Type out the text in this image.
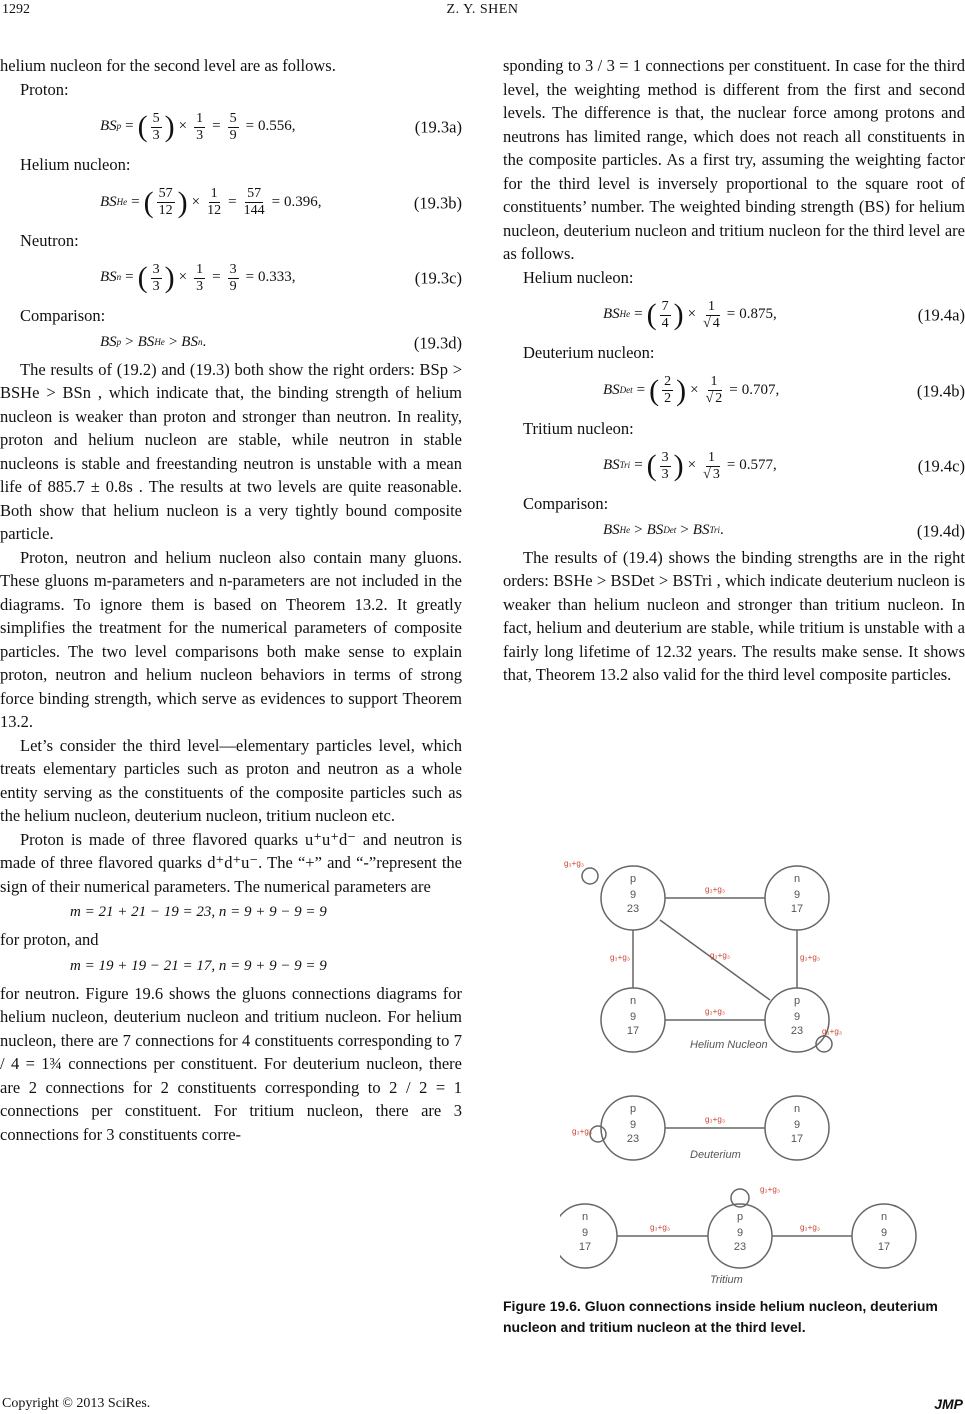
1292	Z. Y. SHEN

helium nucleon for the second level are as follows.

Proton:

BS p = ( $\frac{5}{3}$ ) × $\frac{1}{3} = \frac{5}{9} = 0.556$ ,	(19.3a)

Helium nucleon:

BS He = ( $\frac{57}{12}$ ) × $\frac{1}{12} = \frac{57}{144} = 0.396$ ,	(19.3b)

Neutron:

BS n = ( $\frac{3}{3}$ ) × $\frac{1}{3} = \frac{3}{9} = 0.333$ ,	(19.3c)

Comparison:

BS p > BS He > BS n .	(19.3d)

The results of (19.2) and (19.3) both show the right orders: BSp > BSHe > BSn , which indicate that, the binding strength of helium nucleon is weaker than proton and stronger than neutron. In reality, proton and helium nucleon are stable, while neutron in stable nucleons is stable and freestanding neutron is unstable with a mean life of 885.7 ± 0.8s . The results at two levels are quite reasonable. Both show that helium nucleon is a very tightly bound composite particle.

Proton, neutron and helium nucleon also contain many gluons. These gluons m-parameters and n-parameters are not included in the diagrams. To ignore them is based on Theorem 13.2. It greatly simplifies the treatment for the numerical parameters of composite particles. The two level comparisons both make sense to explain proton, neutron and helium nucleon behaviors in terms of strong force binding strength, which serve as evidences to support Theorem 13.2.

Let’s consider the third level—elementary particles level, which treats elementary particles such as proton and neutron as a whole entity serving as the constituents of the composite particles such as the helium nucleon, deuterium nucleon, tritium nucleon etc.

Proton is made of three flavored quarks u⁺u⁺d⁻ and neutron is made of three flavored quarks d⁺d⁺u⁻. The “+” and “-”represent the sign of their numerical parameters. The numerical parameters are

m = 21 + 21 − 19 = 23, n = 9 + 9 − 9 = 9

for proton, and

m = 19 + 19 − 21 = 17, n = 9 + 9 − 9 = 9

for neutron. Figure 19.6 shows the gluons connections diagrams for helium nucleon, deuterium nucleon and tritium nucleon. For helium nucleon, there are 7 connections for 4 constituents corresponding to 7 / 4 = 1¾ connections per constituent. For deuterium nucleon, there are 2 connections for 2 constituents corresponding to 2 / 2 = 1 connections per constituent. For tritium nucleon, there are 3 connections for 3 constituents corre-

sponding to 3 / 3 = 1 connections per constituent. In case for the third level, the weighting method is different from the first and second levels. The difference is that, the nuclear force among protons and neutrons has limited range, which does not reach all constituents in the composite particles. As a first try, assuming the weighting factor for the third level is inversely proportional to the square root of constituents’ number. The weighted binding strength (BS) for helium nucleon, deuterium nucleon and tritium nucleon for the third level are as follows.

Helium nucleon:

BS He = ( $\frac{7}{4}$ ) × $\frac{1}{√ 4} = 0.875$ ,	(19.4a)

Deuterium nucleon:

BS Det = ( $\frac{2}{2}$ ) × $\frac{1}{√ 2} = 0.707$ ,	(19.4b)

Tritium nucleon:

BS Tri = ( $\frac{3}{3}$ ) × $\frac{1}{√ 3} = 0.577$ ,	(19.4c)

Comparison:

BS He > BS Det > BS Tri .	(19.4d)

The results of (19.4) shows the binding strengths are in the right orders: BSHe > BSDet > BSTri , which indicate deuterium nucleon is weaker than helium nucleon and stronger than tritium nucleon. In fact, helium and deuterium are stable, while tritium is unstable with a fairly long lifetime of 12.32 years. The results make sense. It shows that, Theorem 13.2 also valid for the third level composite particles.

p
9
23
n
9
17
n
9
17
p
9
23
p
9
23
n
9
17
n
9
17
p
9
23
n
9
17
g₃+g₃
g₃+g₃
g₃+g₃
g₃+g₃	g₃+g₃
g₃+g₃
g₃+g₃
g₃+g₃
g₃+g₃
g₃+g₃	g₃+g₃
g₃+g₃
Helium Nucleon
Deuterium
Tritium
Figure 19.6. Gluon connections inside helium nucleon, deuterium nucleon and tritium nucleon at the third level.
Copyright © 2013 SciRes.	JMP
